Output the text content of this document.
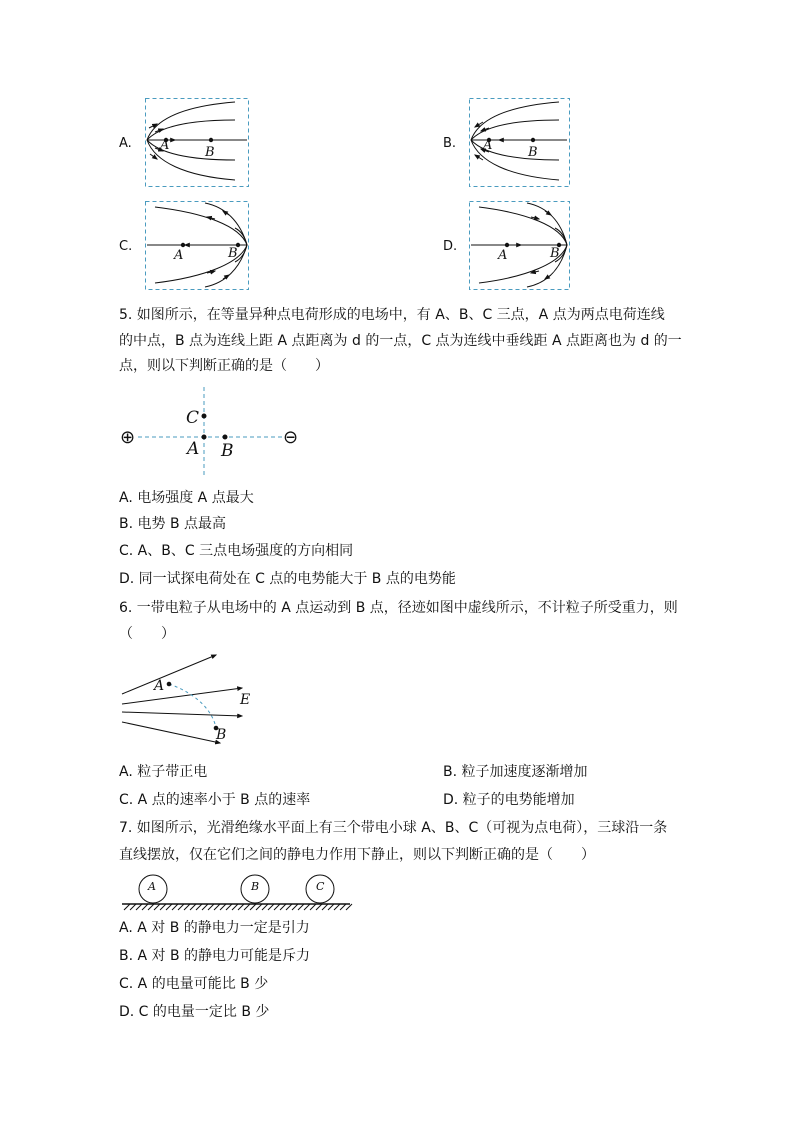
A. A	B
B. A	B
C.
A	B	D.
A	B
5. 如图所示，在等量异种点电荷形成的电场中，有 A、B、C 三点，A 点为两点电荷连线
的中点，B 点为连线上距 A 点距离为 d 的一点，C 点为连线中垂线距 A 点距离也为 d 的一
点，则以下判断正确的是（　　）
⊕	⊖
C
A B
A. 电场强度 A 点最大
B. 电势 B 点最高
C. A、B、C 三点电场强度的方向相同
D. 同一试探电荷处在 C 点的电势能大于 B 点的电势能
6. 一带电粒子从电场中的 A 点运动到 B 点，径迹如图中虚线所示，不计粒子所受重力，则
（　　）
A
B
E
A. 粒子带正电	B. 粒子加速度逐渐增加
C. A 点的速率小于 B 点的速率	D. 粒子的电势能增加
7. 如图所示，光滑绝缘水平面上有三个带电小球 A、B、C（可视为点电荷），三球沿一条
直线摆放，仅在它们之间的静电力作用下静止，则以下判断正确的是（　　）
A	B	C
A. A 对 B 的静电力一定是引力
B. A 对 B 的静电力可能是斥力
C. A 的电量可能比 B 少
D. C 的电量一定比 B 少
